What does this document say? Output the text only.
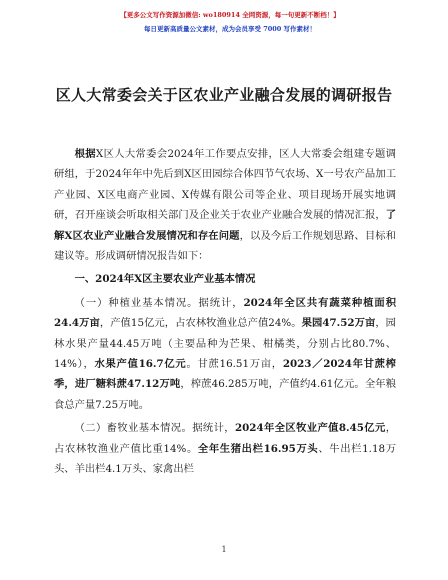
【更多公文写作资源加微信: wo180914 全网资源，每一句更新不断档！】
每日更新高质量公文素材，成为会员享受 7000 写作素材！
区人大常委会关于区农业产业融合发展的调研报告

根据X区人大常委会2024年工作要点安排，区人大常委会组建专题调研组，于2024年年中先后到X区田园综合体四节气农场、X一号农产品加工产业园、X区电商产业园、X传媒有限公司等企业、项目现场开展实地调研，召开座谈会听取相关部门及企业关于农业产业融合发展的情况汇报，了解X区农业产业融合发展情况和存在问题，以及今后工作规划思路、目标和建议等。形成调研情况报告如下：

一、2024年X区主要农业产业基本情况

（一）种植业基本情况。据统计，2024年全区共有蔬菜种植面积24.4万亩，产值15亿元，占农林牧渔业总产值24%。果园47.52万亩，园林水果产量44.45万吨（主要品种为芒果、柑橘类，分别占比80.7%、14%），水果产值16.7亿元。甘蔗16.51万亩，2023／2024年甘蔗榨季，进厂糖料蔗47.12万吨，榨蔗46.285万吨，产值约4.61亿元。全年粮食总产量7.25万吨。

（二）畜牧业基本情况。据统计，2024年全区牧业产值8.45亿元，占农林牧渔业产值比重14%。全年生猪出栏16.95万头、牛出栏1.18万头、羊出栏4.1万头、家禽出栏

1
